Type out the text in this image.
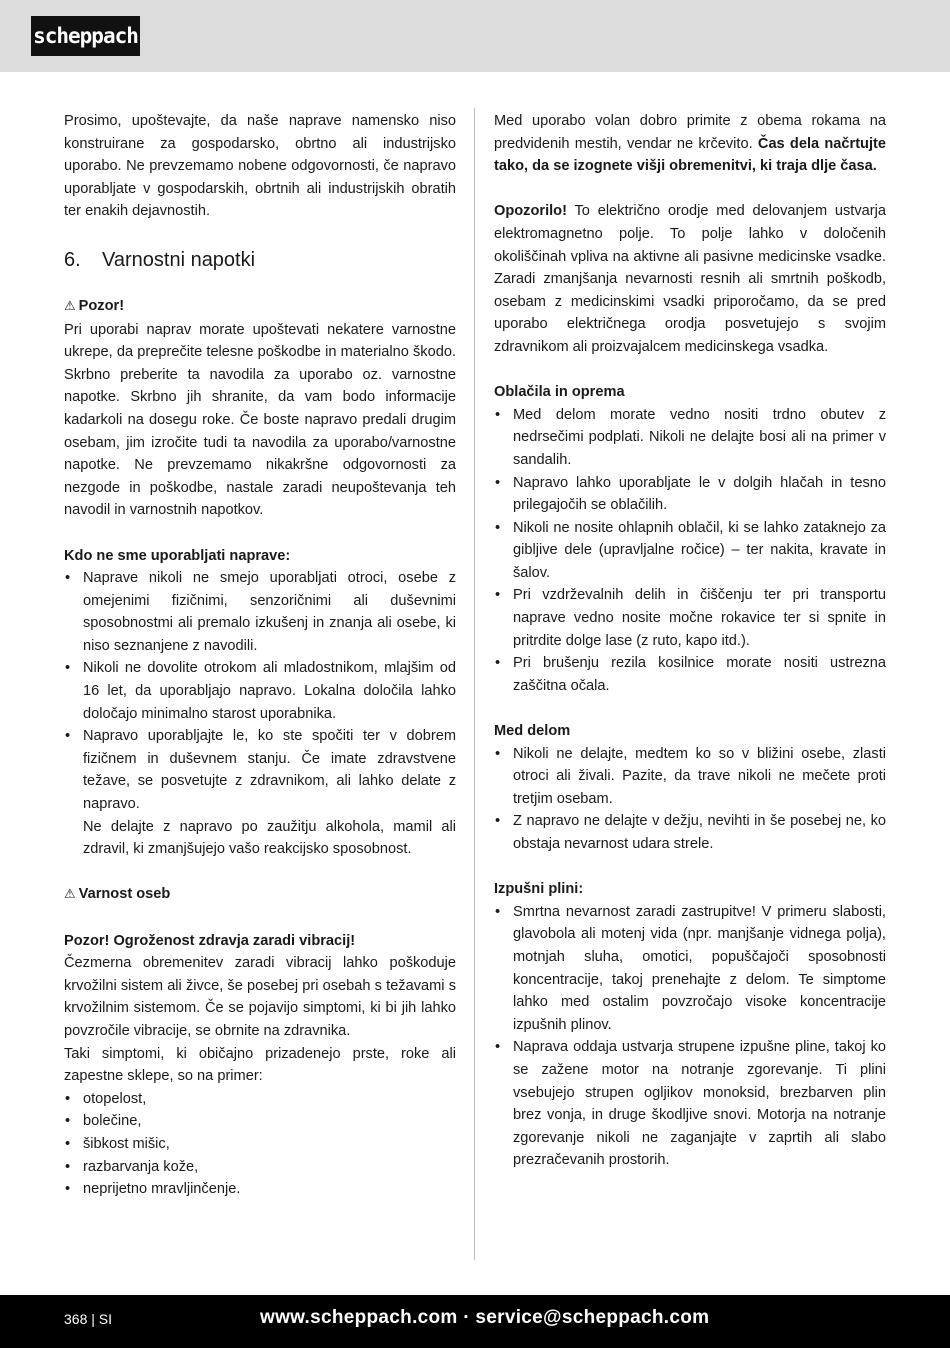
scheppach

Prosimo, upoštevajte, da naše naprave namensko niso konstruirane za gospodarsko, obrtno ali industrijsko uporabo. Ne prevzemamo nobene odgovornosti, če napravo uporabljate v gospodarskih, obrtnih ali industrijskih obratih ter enakih dejavnostih.

6. Varnostni napotki
⚠ Pozor!

Pri uporabi naprav morate upoštevati nekatere varnostne ukrepe, da preprečite telesne poškodbe in materialno škodo. Skrbno preberite ta navodila za uporabo oz. varnostne napotke. Skrbno jih shranite, da vam bodo informacije kadarkoli na dosegu roke. Če boste napravo predali drugim osebam, jim izročite tudi ta navodila za uporabo/varnostne napotke. Ne prevzemamo nikakršne odgovornosti za nezgode in poškodbe, nastale zaradi neupoštevanja teh navodil in varnostnih napotkov.

Kdo ne sme uporabljati naprave:
• Naprave nikoli ne smejo uporabljati otroci, osebe z omejenimi fizičnimi, senzoričnimi ali duševnimi sposobnostmi ali premalo izkušenj in znanja ali osebe, ki niso seznanjene z navodili.
• Nikoli ne dovolite otrokom ali mladostnikom, mlajšim od 16 let, da uporabljajo napravo. Lokalna določila lahko določajo minimalno starost uporabnika.
• Napravo uporabljajte le, ko ste spočiti ter v dobrem fizičnem in duševnem stanju. Če imate zdravstvene težave, se posvetujte z zdravnikom, ali lahko delate z napravo.

Ne delajte z napravo po zaužitju alkohola, mamil ali zdravil, ki zmanjšujejo vašo reakcijsko sposobnost.

⚠ Varnost oseb
Pozor! Ogroženost zdravja zaradi vibracij!

Čezmerna obremenitev zaradi vibracij lahko poškoduje krvožilni sistem ali živce, še posebej pri osebah s težavami s krvožilnim sistemom. Če se pojavijo simptomi, ki bi jih lahko povzročile vibracije, se obrnite na zdravnika.

Taki simptomi, ki običajno prizadenejo prste, roke ali zapestne sklepe, so na primer:

• otopelost,
• bolečine,
• šibkost mišic,
• razbarvanja kože,
• neprijetno mravljinčenje.

Med uporabo volan dobro primite z obema rokama na predvidenih mestih, vendar ne krčevito. Čas dela načrtujte tako, da se izognete višji obremenitvi, ki traja dlje časa.

Opozorilo! To električno orodje med delovanjem ustvarja elektromagnetno polje. To polje lahko v določenih okoliščinah vpliva na aktivne ali pasivne medicinske vsadke. Zaradi zmanjšanja nevarnosti resnih ali smrtnih poškodb, osebam z medicinskimi vsadki priporočamo, da se pred uporabo električnega orodja posvetujejo s svojim zdravnikom ali proizvajalcem medicinskega vsadka.

Oblačila in oprema
• Med delom morate vedno nositi trdno obutev z nedrsečimi podplati. Nikoli ne delajte bosi ali na primer v sandalih.
• Napravo lahko uporabljate le v dolgih hlačah in tesno prilegajočih se oblačilih.
• Nikoli ne nosite ohlapnih oblačil, ki se lahko zataknejo za gibljive dele (upravljalne ročice) – ter nakita, kravate in šalov.
• Pri vzdrževalnih delih in čiščenju ter pri transportu naprave vedno nosite močne rokavice ter si spnite in pritrdite dolge lase (z ruto, kapo itd.).
• Pri brušenju rezila kosilnice morate nositi ustrezna zaščitna očala.
Med delom
• Nikoli ne delajte, medtem ko so v bližini osebe, zlasti otroci ali živali. Pazite, da trave nikoli ne mečete proti tretjim osebam.
• Z napravo ne delajte v dežju, nevihti in še posebej ne, ko obstaja nevarnost udara strele.
Izpušni plini:
• Smrtna nevarnost zaradi zastrupitve! V primeru slabosti, glavobola ali motenj vida (npr. manjšanje vidnega polja), motnjah sluha, omotici, popuščajoči sposobnosti koncentracije, takoj prenehajte z delom. Te simptome lahko med ostalim povzročajo visoke koncentracije izpušnih plinov.
• Naprava oddaja ustvarja strupene izpušne pline, takoj ko se zažene motor na notranje zgorevanje. Ti plini vsebujejo strupen ogljikov monoksid, brezbarven plin brez vonja, in druge škodljive snovi. Motorja na notranje zgorevanje nikoli ne zaganjajte v zaprtih ali slabo prezračevanih prostorih.
368 | SI	www.scheppach.com · service@scheppach.com
